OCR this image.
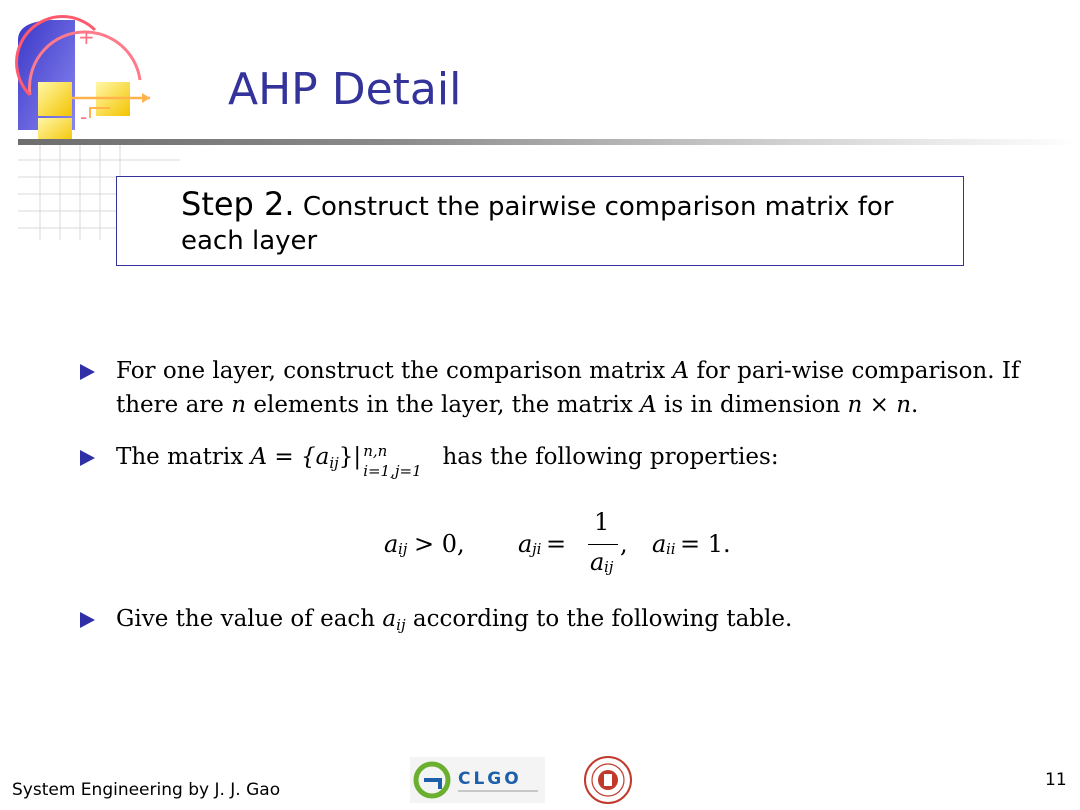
+
-
AHP Detail
Step 2. Construct the pairwise comparison matrix for each layer
For one layer, construct the comparison matrix A for pari-wise comparison. If there are n elements in the layer, the matrix A is in dimension n × n.
The matrix $A = \{a_{ij}\}|$ n,n
i=1,j=1
has the following properties:
a ij > 0, a ji =
1
a ij
, a ii = 1.
Give the value of each $a_{ij}$ according to the following table.
System Engineering by J. J. Gao
CLGO	11
